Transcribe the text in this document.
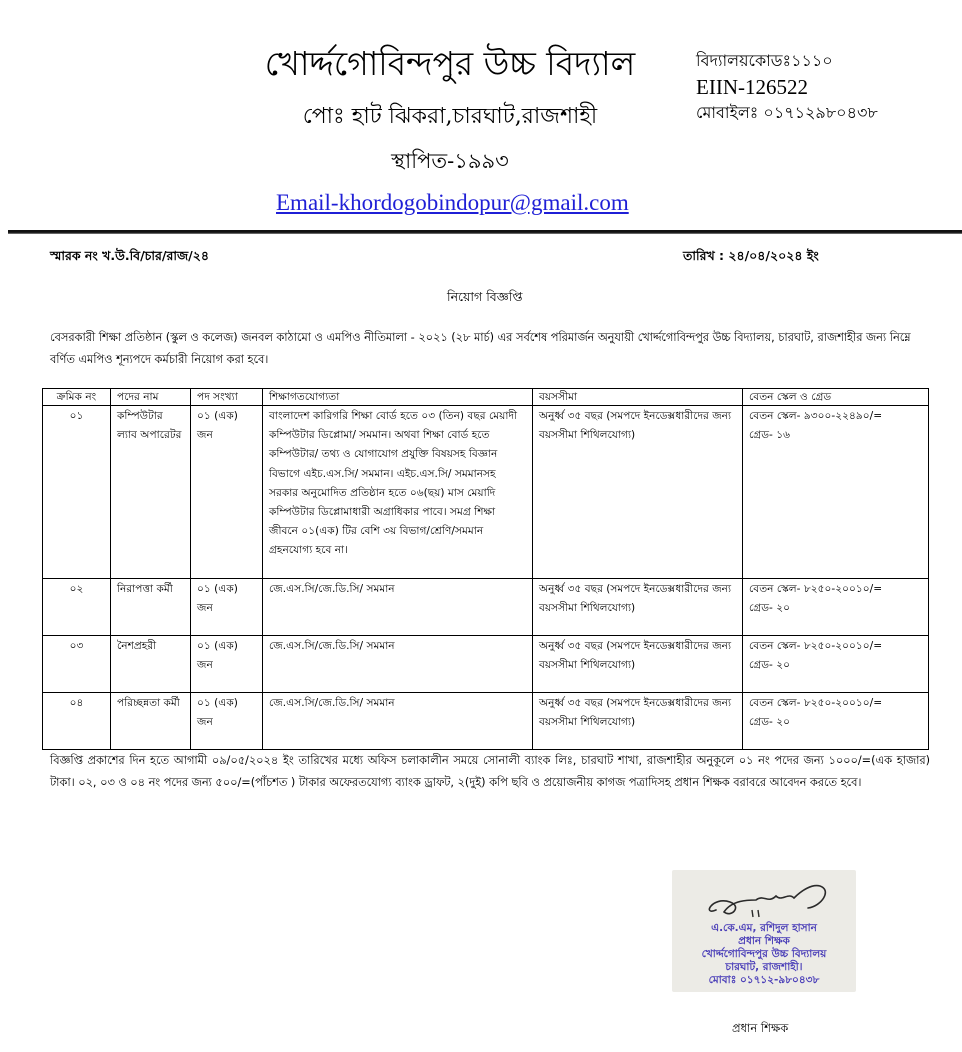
খোর্দ্দগোবিন্দপুর উচ্চ বিদ্যাল
পোঃ হাট ঝিকরা,চারঘাট,রাজশাহী
স্থাপিত-১৯৯৩
Email-khordogobindopur@gmail.com
বিদ্যালয়কোডঃ১১১০
EIIN-126522
মোবাইলঃ ০১৭১২৯৮০৪৩৮
স্মারক নং খ.উ.বি/চার/রাজ/২৪	তারিখ : ২৪/০৪/২০২৪ ইং
নিয়োগ বিজ্ঞপ্তি
বেসরকারী শিক্ষা প্রতিষ্ঠান (স্কুল ও কলেজ) জনবল কাঠামো ও এমপিও নীতিমালা - ২০২১ (২৮ মার্চ) এর সর্বশেষ পরিমার্জন অনুযায়ী খোর্দ্দগোবিন্দপুর উচ্চ বিদ্যালয়, চারঘাট, রাজশাহীর জন্য নিম্নে বর্ণিত এমপিও শূন্যপদে কর্মচারী নিয়োগ করা হবে।
ক্রমিক নং	পদের নাম	পদ সংখ্যা	শিক্ষাগতযোগ্যতা	বয়সসীমা	বেতন স্কেল ও গ্রেড
০১	কম্পিউটার ল্যাব অপারেটর	০১ (এক) জন	বাংলাদেশ কারিগরি শিক্ষা বোর্ড হতে ০৩ (তিন) বছর মেয়াদী কম্পিউটার ডিপ্লোমা/ সমমান। অথবা শিক্ষা বোর্ড হতে কম্পিউটার/ তথ্য ও যোগাযোগ প্রযুক্তি বিষয়সহ বিজ্ঞান বিভাগে এইচ.এস.সি/ সমমান। এইচ.এস.সি/ সমমানসহ সরকার অনুমোদিত প্রতিষ্ঠান হতে ০৬(ছয়) মাস মেয়াদি কম্পিউটার ডিপ্লোমাধারী অগ্রাধিকার পাবে। সমগ্র শিক্ষা জীবনে ০১(এক) টির বেশি ৩য় বিভাগ/শ্রেণি/সমমান গ্রহনযোগ্য হবে না।	অনুর্ধ্ব ৩৫ বছর (সমপদে ইনডেক্সধারীদের জন্য বয়সসীমা শিথিলযোগ্য)	বেতন স্কেল- ৯৩০০-২২৪৯০/=
গ্রেড- ১৬

০২	নিরাপত্তা কর্মী	০১ (এক) জন	জে.এস.সি/জে.ডি.সি/ সমমান	অনুর্ধ্ব ৩৫ বছর (সমপদে ইনডেক্সধারীদের জন্য বয়সসীমা শিথিলযোগ্য)	বেতন স্কেল- ৮২৫০-২০০১০/=
গ্রেড- ২০

০৩	নৈশপ্রহরী	০১ (এক) জন	জে.এস.সি/জে.ডি.সি/ সমমান	অনুর্ধ্ব ৩৫ বছর (সমপদে ইনডেক্সধারীদের জন্য বয়সসীমা শিথিলযোগ্য)	বেতন স্কেল- ৮২৫০-২০০১০/=
গ্রেড- ২০

০৪	পরিচ্ছন্নতা কর্মী	০১ (এক) জন	জে.এস.সি/জে.ডি.সি/ সমমান	অনুর্ধ্ব ৩৫ বছর (সমপদে ইনডেক্সধারীদের জন্য বয়সসীমা শিথিলযোগ্য)	বেতন স্কেল- ৮২৫০-২০০১০/=
গ্রেড- ২০
বিজ্ঞপ্তি প্রকাশের দিন হতে আগামী ০৯/০৫/২০২৪ ইং তারিখের মধ্যে অফিস চলাকালীন সময়ে সোনালী ব্যাংক লিঃ, চারঘাট শাখা, রাজশাহীর অনুকূলে ০১ নং পদের জন্য ১০০০/=(এক হাজার) টাকা। ০২, ০৩ ও ০৪ নং পদের জন্য ৫০০/=(পাঁচশত ) টাকার অফেরতযোগ্য ব্যাংক ড্রাফট, ২(দুই) কপি ছবি ও প্রয়োজনীয় কাগজ পত্রাদিসহ প্রধান শিক্ষক বরাবরে আবেদন করতে হবে।
এ.কে.এম, রশিদুল হাসান
প্রধান শিক্ষক
খোর্দ্দগোবিন্দপুর উচ্চ বিদ্যালয়
চারঘাট, রাজশাহী।
মোবাঃ ০১৭১২-৯৮০৪৩৮
প্রধান শিক্ষক
